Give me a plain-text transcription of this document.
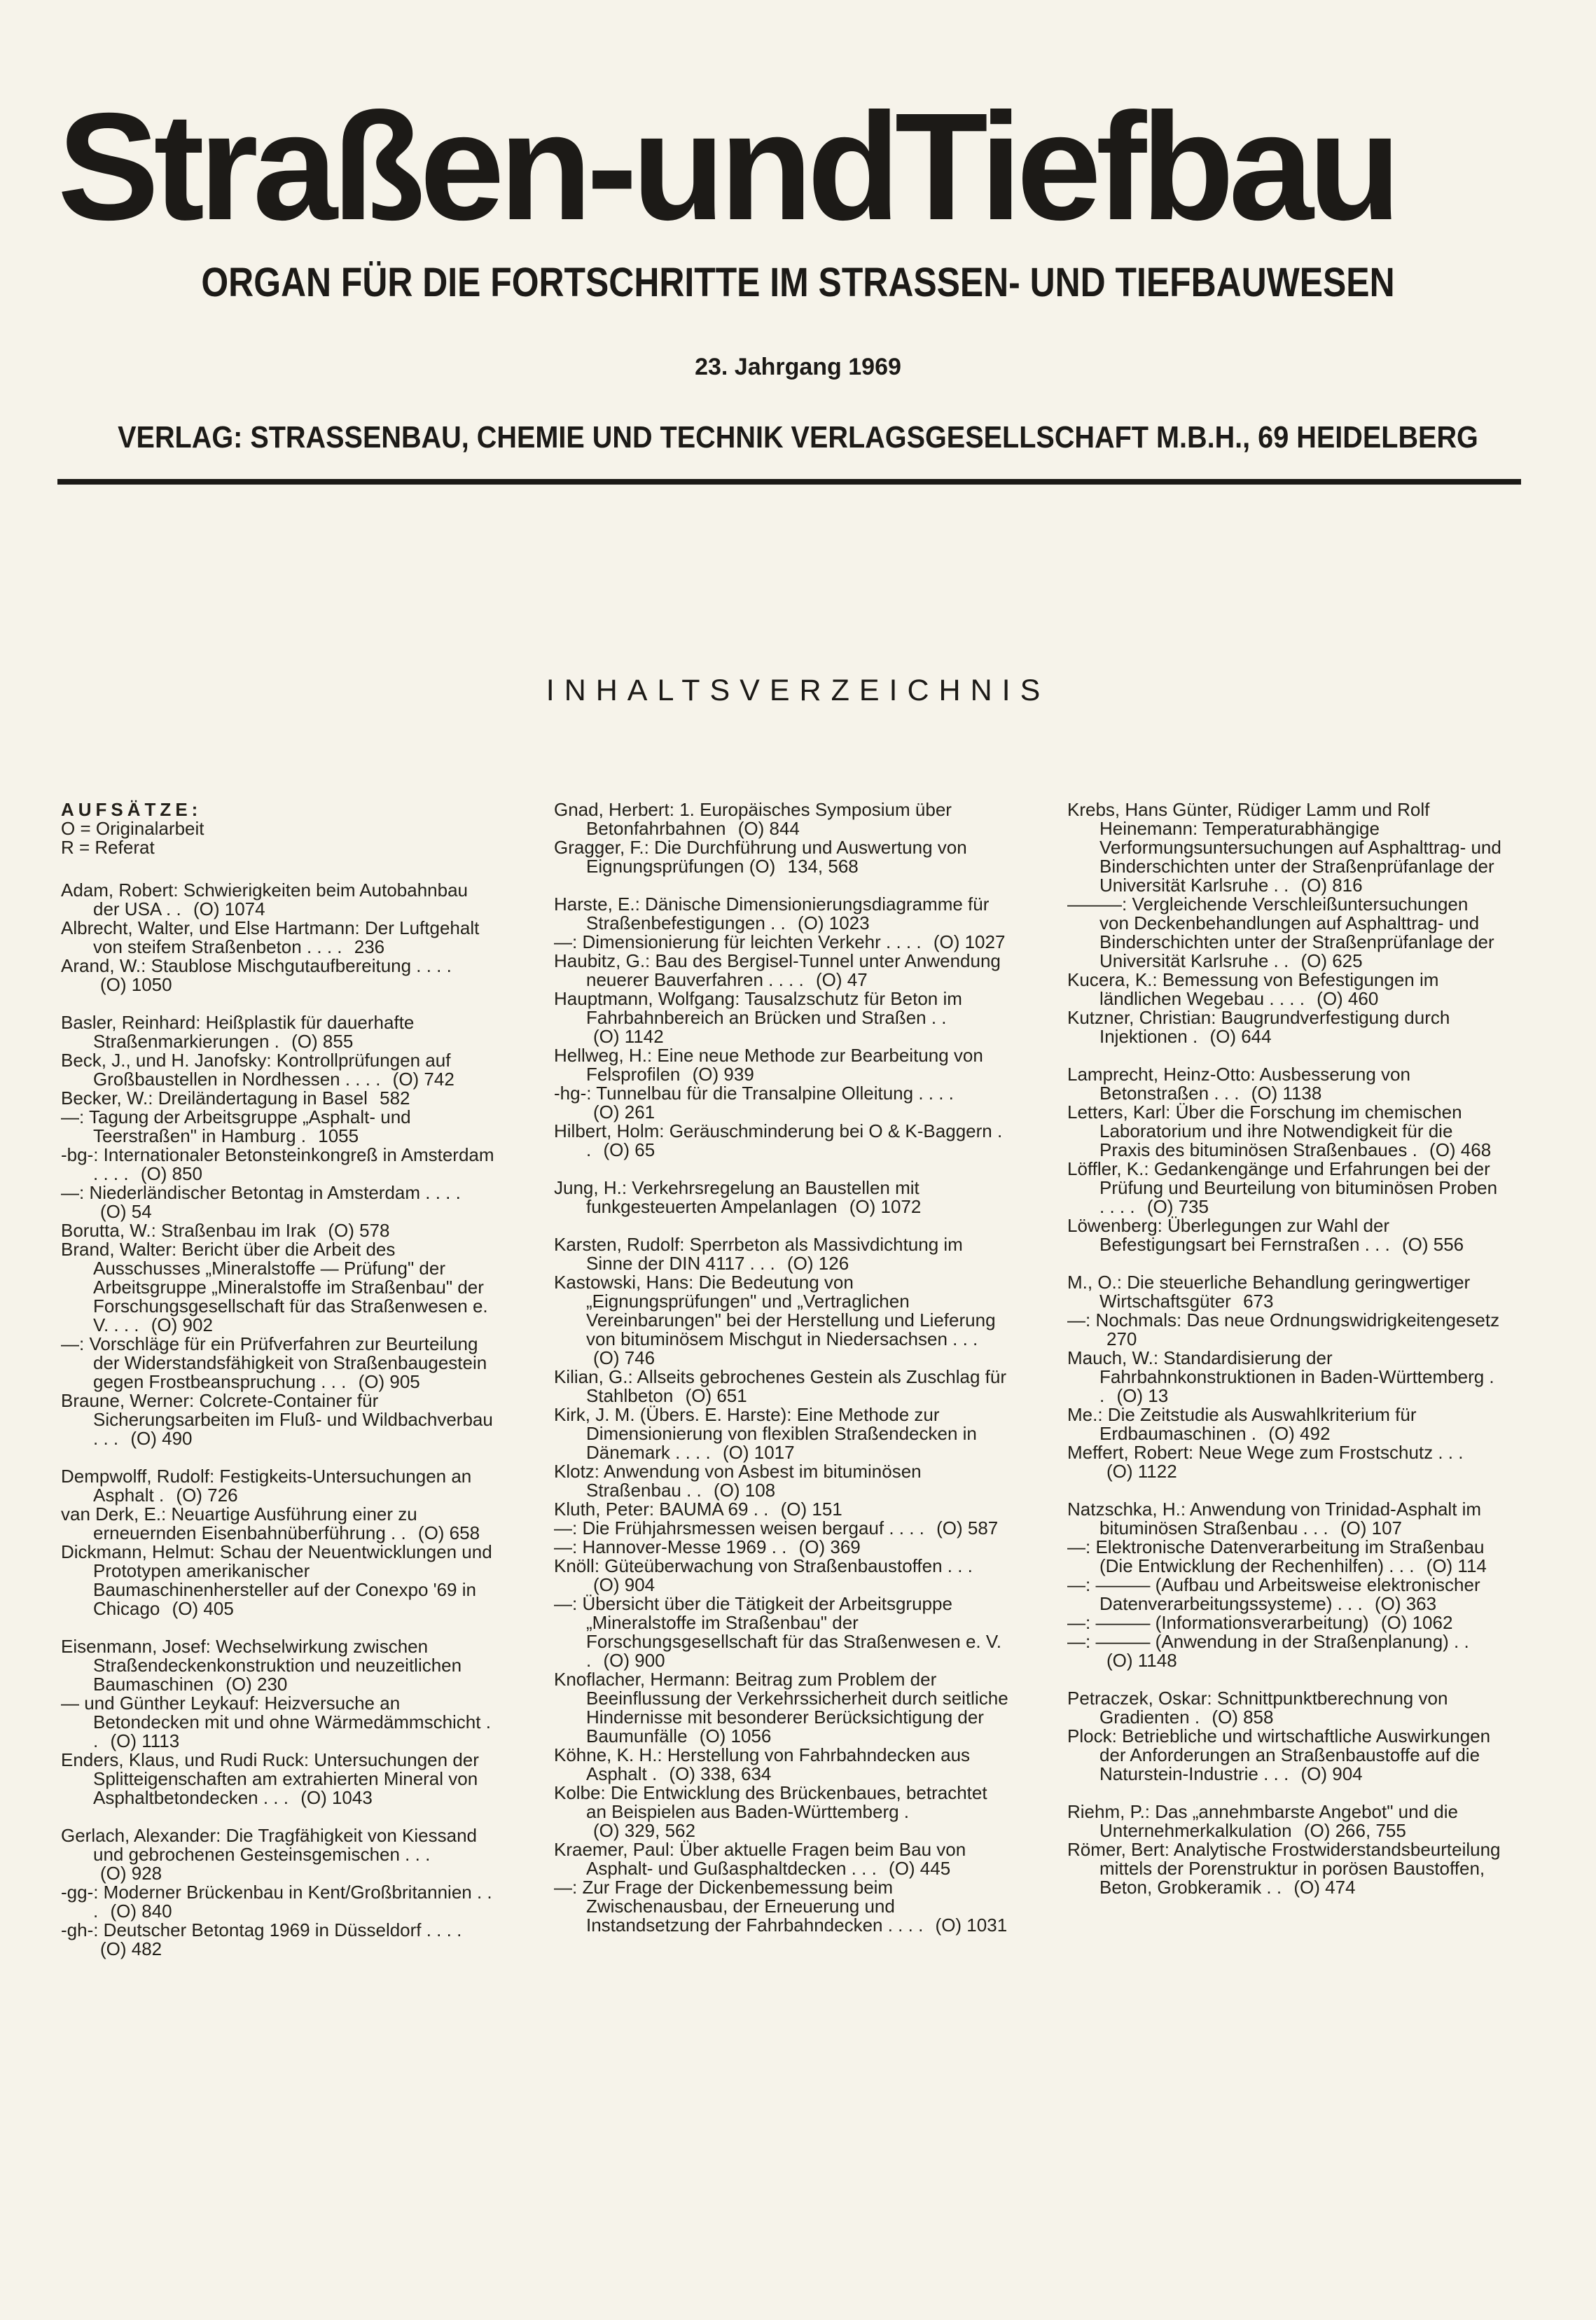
Straßen-undTiefbau
ORGAN FÜR DIE FORTSCHRITTE IM STRASSEN- UND TIEFBAUWESEN
23. Jahrgang 1969
VERLAG: STRASSENBAU, CHEMIE UND TECHNIK VERLAGSGESELLSCHAFT M.B.H., 69 HEIDELBERG
INHALTSVERZEICHNIS
AUFSÄTZE:

O = Originalarbeit

R = Referat

Adam, Robert: Schwierigkeiten beim Autobahnbau der USA . . (O) 1074

Albrecht, Walter, und Else Hartmann: Der Luftgehalt von steifem Straßenbeton . . . . 236

Arand, W.: Staublose Mischgutaufbereitung . . . . (O) 1050

Basler, Reinhard: Heißplastik für dauerhafte Straßenmarkierungen . (O) 855

Beck, J., und H. Janofsky: Kontrollprüfungen auf Großbaustellen in Nordhessen . . . . (O) 742

Becker, W.: Dreiländertagung in Basel 582

—: Tagung der Arbeitsgruppe „Asphalt- und Teerstraßen" in Hamburg . 1055

-bg-: Internationaler Betonsteinkongreß in Amsterdam . . . . (O) 850

—: Niederländischer Betontag in Amsterdam . . . . (O) 54

Borutta, W.: Straßenbau im Irak (O) 578

Brand, Walter: Bericht über die Arbeit des Ausschusses „Mineralstoffe — Prüfung" der Arbeitsgruppe „Mineralstoffe im Straßenbau" der Forschungsgesellschaft für das Straßenwesen e. V. . . . (O) 902

—: Vorschläge für ein Prüfverfahren zur Beurteilung der Widerstandsfähigkeit von Straßenbaugestein gegen Frostbeanspruchung . . . (O) 905

Braune, Werner: Colcrete-Container für Sicherungsarbeiten im Fluß- und Wildbachverbau . . . (O) 490

Dempwolff, Rudolf: Festigkeits-Untersuchungen an Asphalt . (O) 726

van Derk, E.: Neuartige Ausführung einer zu erneuernden Eisenbahnüberführung . . (O) 658

Dickmann, Helmut: Schau der Neuentwicklungen und Prototypen amerikanischer Baumaschinenhersteller auf der Conexpo '69 in Chicago (O) 405

Eisenmann, Josef: Wechselwirkung zwischen Straßendeckenkonstruktion und neuzeitlichen Baumaschinen (O) 230

— und Günther Leykauf: Heizversuche an Betondecken mit und ohne Wärmedämmschicht . . (O) 1113

Enders, Klaus, und Rudi Ruck: Untersuchungen der Splitteigenschaften am extrahierten Mineral von Asphaltbetondecken . . . (O) 1043

Gerlach, Alexander: Die Tragfähigkeit von Kiessand und gebrochenen Gesteinsgemischen . . . (O) 928

-gg-: Moderner Brückenbau in Kent/Großbritannien . . . (O) 840

-gh-: Deutscher Betontag 1969 in Düsseldorf . . . . (O) 482

Gnad, Herbert: 1. Europäisches Symposium über Betonfahrbahnen (O) 844

Gragger, F.: Die Durchführung und Auswertung von Eignungsprüfungen (O) 134, 568

Harste, E.: Dänische Dimensionierungsdiagramme für Straßenbefestigungen . . (O) 1023

—: Dimensionierung für leichten Verkehr . . . . (O) 1027

Haubitz, G.: Bau des Bergisel-Tunnel unter Anwendung neuerer Bauverfahren . . . . (O) 47

Hauptmann, Wolfgang: Tausalzschutz für Beton im Fahrbahnbereich an Brücken und Straßen . . (O) 1142

Hellweg, H.: Eine neue Methode zur Bearbeitung von Felsprofilen (O) 939

-hg-: Tunnelbau für die Transalpine Olleitung . . . . (O) 261

Hilbert, Holm: Geräuschminderung bei O & K-Baggern . . (O) 65

Jung, H.: Verkehrsregelung an Baustellen mit funkgesteuerten Ampelanlagen (O) 1072

Karsten, Rudolf: Sperrbeton als Massivdichtung im Sinne der DIN 4117 . . . (O) 126

Kastowski, Hans: Die Bedeutung von „Eignungsprüfungen" und „Vertraglichen Vereinbarungen" bei der Herstellung und Lieferung von bituminösem Mischgut in Niedersachsen . . . (O) 746

Kilian, G.: Allseits gebrochenes Gestein als Zuschlag für Stahlbeton (O) 651

Kirk, J. M. (Übers. E. Harste): Eine Methode zur Dimensionierung von flexiblen Straßendecken in Dänemark . . . . (O) 1017

Klotz: Anwendung von Asbest im bituminösen Straßenbau . . (O) 108

Kluth, Peter: BAUMA 69 . . (O) 151

—: Die Frühjahrsmessen weisen bergauf . . . . (O) 587

—: Hannover-Messe 1969 . . (O) 369

Knöll: Güteüberwachung von Straßenbaustoffen . . . (O) 904

—: Übersicht über die Tätigkeit der Arbeitsgruppe „Mineralstoffe im Straßenbau" der Forschungsgesellschaft für das Straßenwesen e. V. . (O) 900

Knoflacher, Hermann: Beitrag zum Problem der Beeinflussung der Verkehrssicherheit durch seitliche Hindernisse mit besonderer Berücksichtigung der Baumunfälle (O) 1056

Köhne, K. H.: Herstellung von Fahrbahndecken aus Asphalt . (O) 338, 634

Kolbe: Die Entwicklung des Brückenbaues, betrachtet an Beispielen aus Baden-Württemberg . (O) 329, 562

Kraemer, Paul: Über aktuelle Fragen beim Bau von Asphalt- und Gußasphaltdecken . . . (O) 445

—: Zur Frage der Dickenbemessung beim Zwischenausbau, der Erneuerung und Instandsetzung der Fahrbahndecken . . . . (O) 1031

Krebs, Hans Günter, Rüdiger Lamm und Rolf Heinemann: Temperaturabhängige Verformungsuntersuchungen auf Asphalttrag- und Binderschichten unter der Straßenprüfanlage der Universität Karlsruhe . . (O) 816

———: Vergleichende Verschleißuntersuchungen von Deckenbehandlungen auf Asphalttrag- und Binderschichten unter der Straßenprüfanlage der Universität Karlsruhe . . (O) 625

Kucera, K.: Bemessung von Befestigungen im ländlichen Wegebau . . . . (O) 460

Kutzner, Christian: Baugrundverfestigung durch Injektionen . (O) 644

Lamprecht, Heinz-Otto: Ausbesserung von Betonstraßen . . . (O) 1138

Letters, Karl: Über die Forschung im chemischen Laboratorium und ihre Notwendigkeit für die Praxis des bituminösen Straßenbaues . (O) 468

Löffler, K.: Gedankengänge und Erfahrungen bei der Prüfung und Beurteilung von bituminösen Proben . . . . (O) 735

Löwenberg: Überlegungen zur Wahl der Befestigungsart bei Fernstraßen . . . (O) 556

M., O.: Die steuerliche Behandlung geringwertiger Wirtschaftsgüter 673

—: Nochmals: Das neue Ordnungswidrigkeitengesetz 270

Mauch, W.: Standardisierung der Fahrbahnkonstruktionen in Baden-Württemberg . . (O) 13

Me.: Die Zeitstudie als Auswahlkriterium für Erdbaumaschinen . (O) 492

Meffert, Robert: Neue Wege zum Frostschutz . . . (O) 1122

Natzschka, H.: Anwendung von Trinidad-Asphalt im bituminösen Straßenbau . . . (O) 107

—: Elektronische Datenverarbeitung im Straßenbau (Die Entwicklung der Rechenhilfen) . . . (O) 114

—: ——— (Aufbau und Arbeitsweise elektronischer Datenverarbeitungssysteme) . . . (O) 363

—: ——— (Informationsverarbeitung) (O) 1062

—: ——— (Anwendung in der Straßenplanung) . . (O) 1148

Petraczek, Oskar: Schnittpunktberechnung von Gradienten . (O) 858

Plock: Betriebliche und wirtschaftliche Auswirkungen der Anforderungen an Straßenbaustoffe auf die Naturstein-Industrie . . . (O) 904

Riehm, P.: Das „annehmbarste Angebot" und die Unternehmerkalkulation (O) 266, 755

Römer, Bert: Analytische Frostwiderstandsbeurteilung mittels der Porenstruktur in porösen Baustoffen, Beton, Grobkeramik . . (O) 474
